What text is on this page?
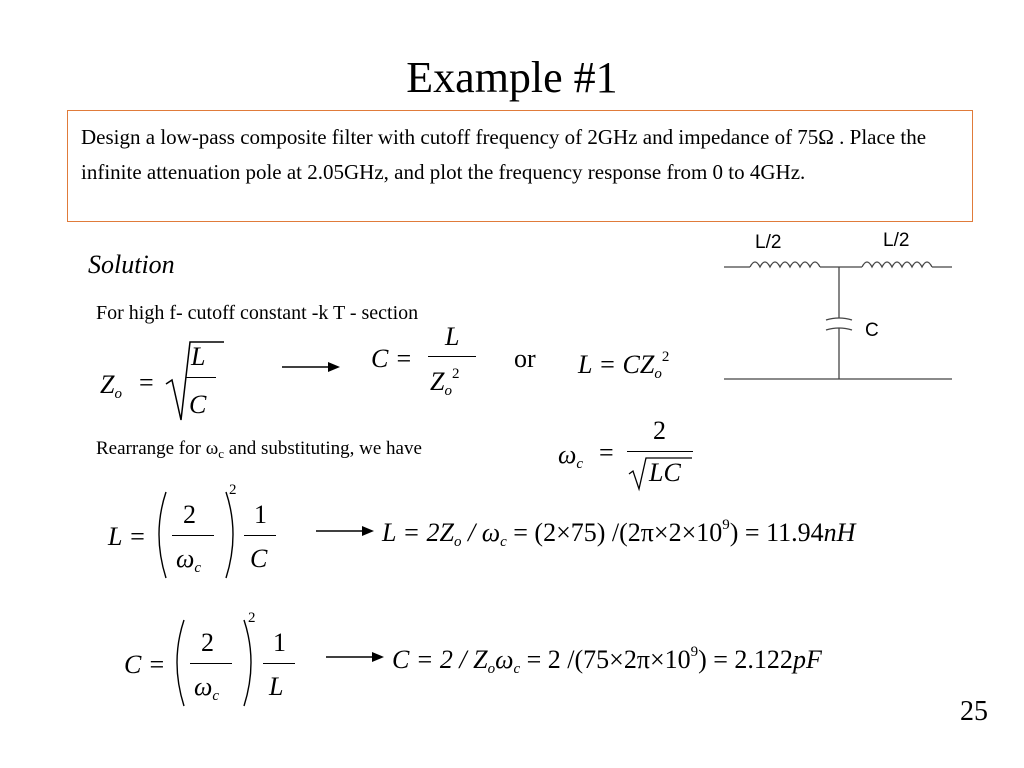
Example #1
Design a low-pass composite filter with cutoff frequency of 2GHz and impedance of 75Ω . Place the infinite attenuation pole at 2.05GHz, and plot the frequency response from 0 to 4GHz.
Solution
For high f- cutoff constant -k T - section
L/2	L/2
C
Zo =
L
C
C =
L
Zo$^2$
or L = CZo$^2$
Rearrange for $\omega_c$ and substituting, we have	ωc =
2
LC
L =
2
ωc
2
1
C
L = 2Zo / ωc = (2×75) $/(2\pi\times 2\times 10^9) = 11.94nH$
C =
2
ωc
2
1
L
C = 2 / Zoωc = 2 $/(75\times 2\pi\times 10^9) = 2.122pF$
25
